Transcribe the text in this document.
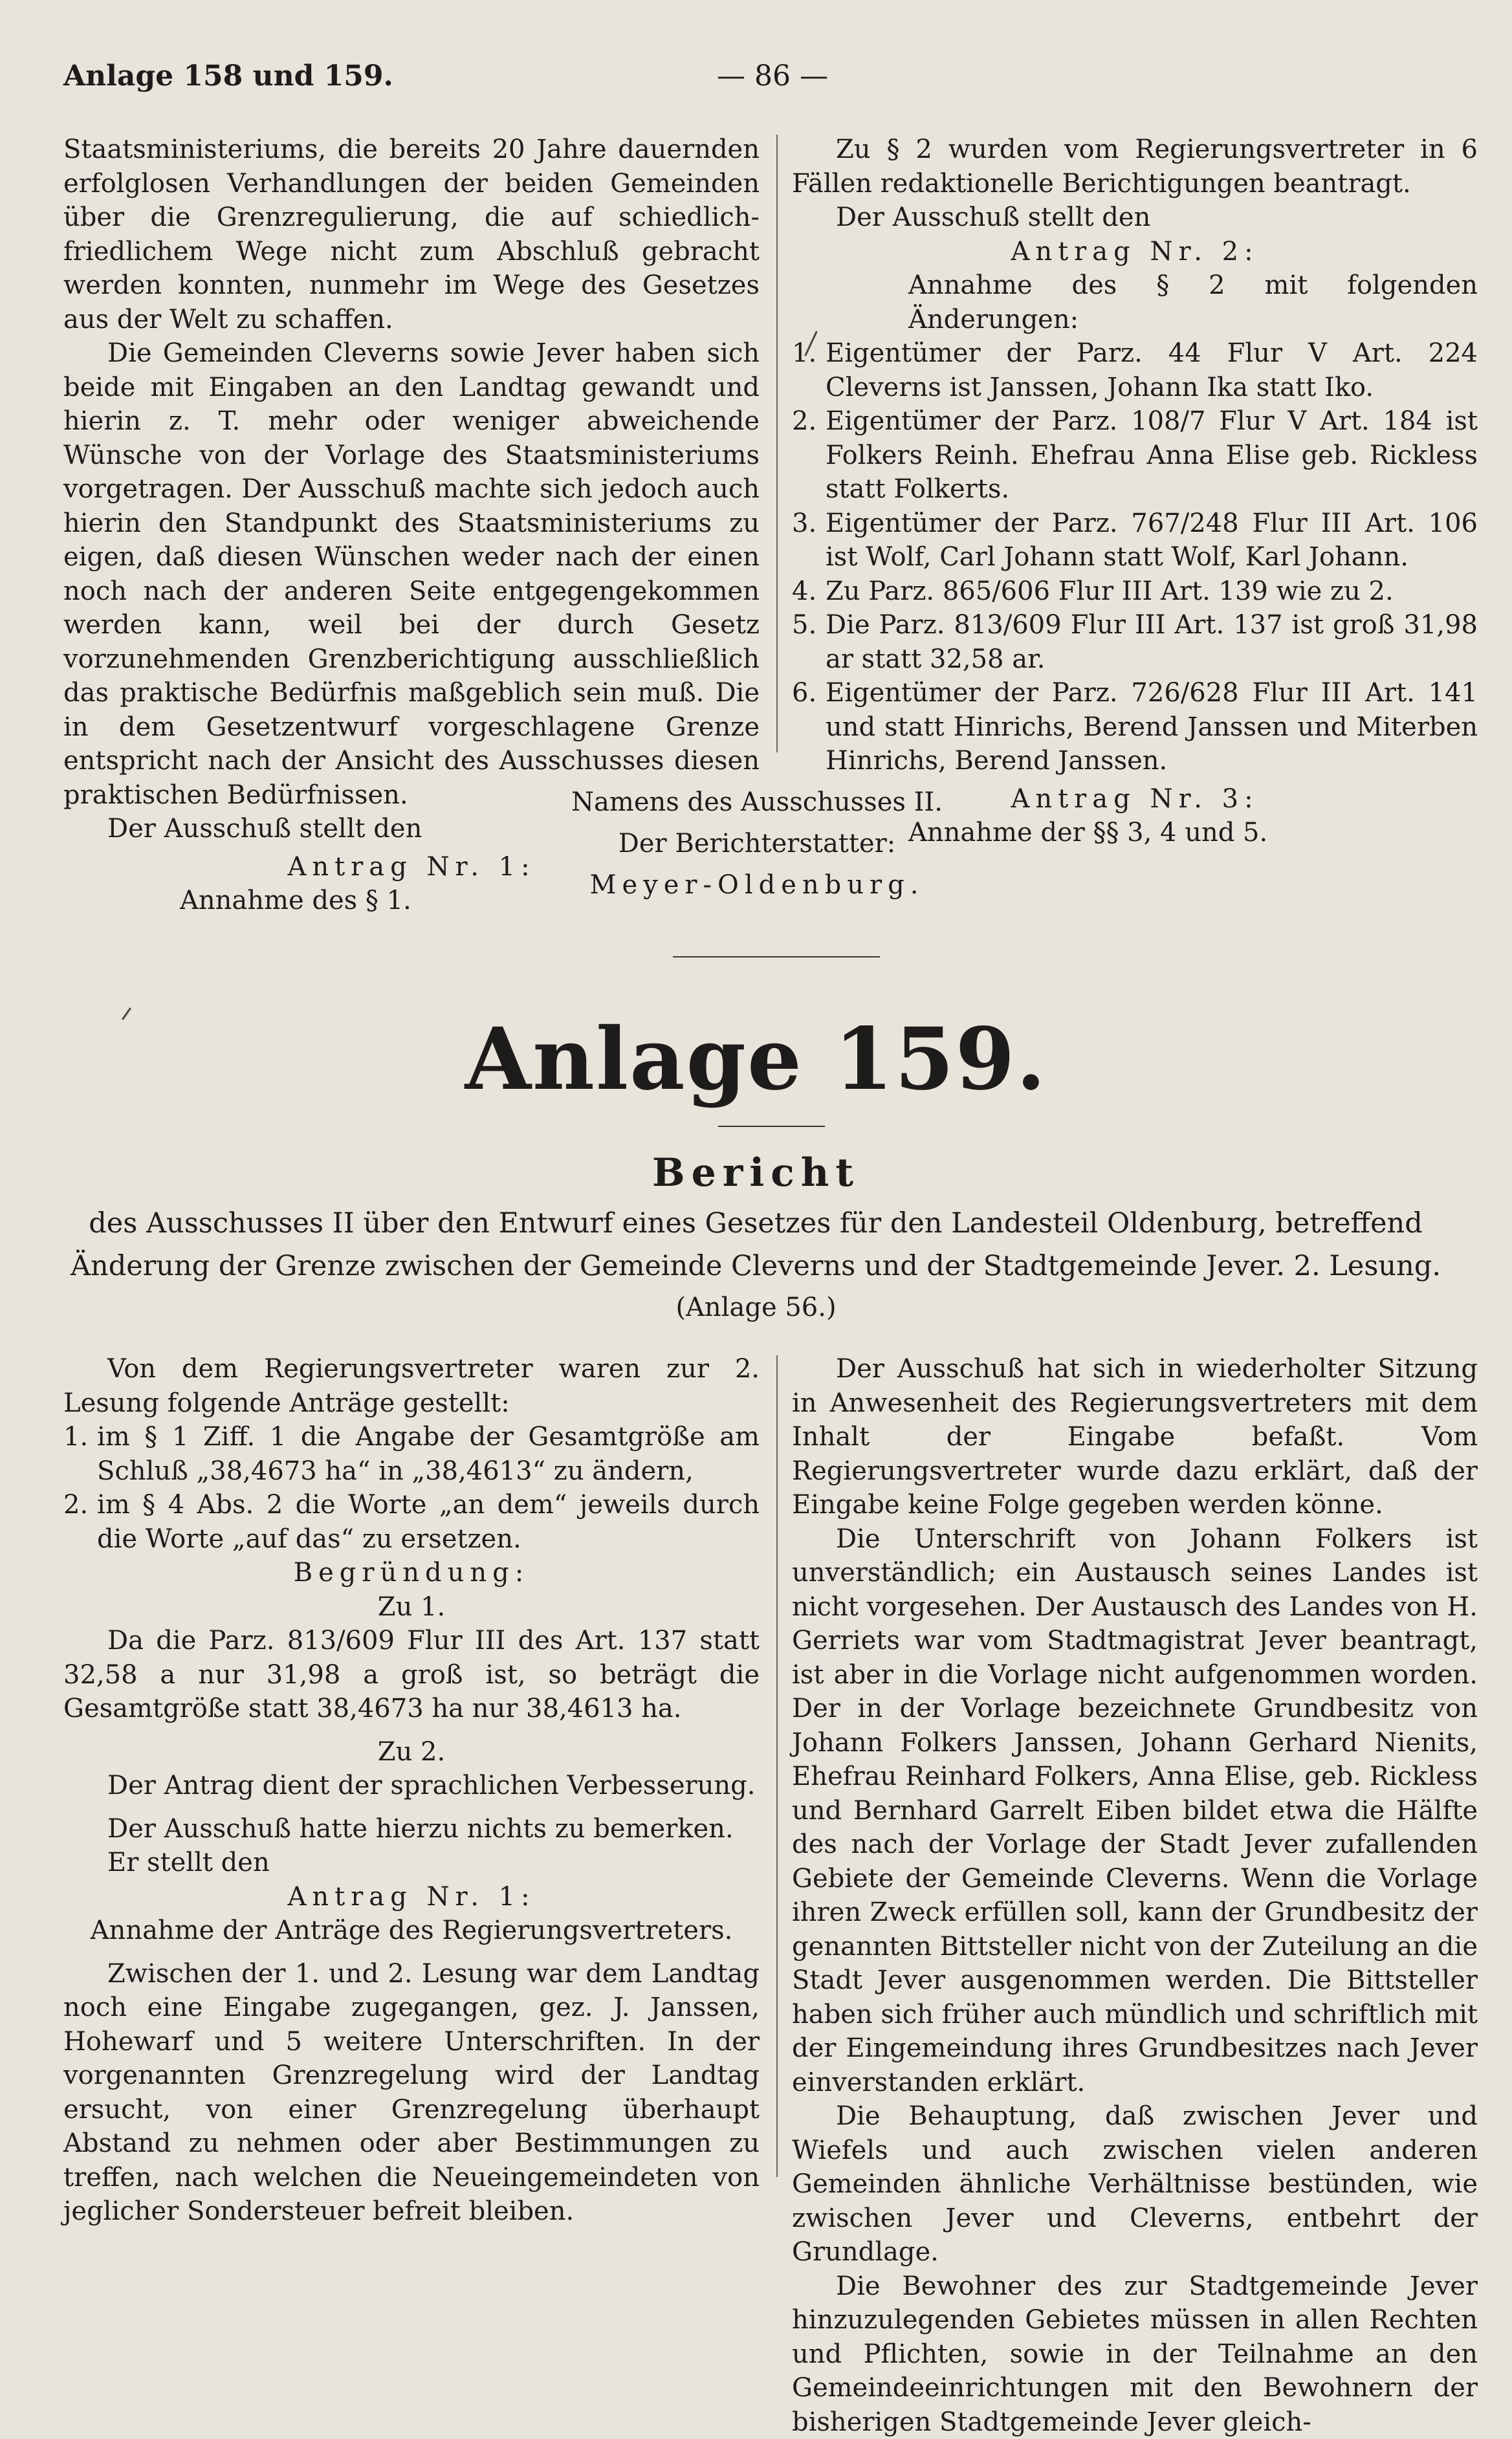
Anlage 158 und 159.	— 86 —

Staatsministeriums, die bereits 20 Jahre dauernden erfolglosen Verhandlungen der beiden Gemeinden über die Grenzregulierung, die auf schiedlich-friedlichem Wege nicht zum Abschluß gebracht werden konnten, nunmehr im Wege des Gesetzes aus der Welt zu schaffen.

Die Gemeinden Cleverns sowie Jever haben sich beide mit Eingaben an den Landtag gewandt und hierin z. T. mehr oder weniger abweichende Wünsche von der Vorlage des Staatsministeriums vorgetragen. Der Ausschuß machte sich jedoch auch hierin den Standpunkt des Staatsministeriums zu eigen, daß diesen Wünschen weder nach der einen noch nach der anderen Seite entgegengekommen werden kann, weil bei der durch Gesetz vorzunehmenden Grenzberichtigung ausschließlich das praktische Bedürfnis maßgeblich sein muß. Die in dem Gesetzentwurf vorgeschlagene Grenze entspricht nach der Ansicht des Ausschusses diesen praktischen Bedürfnissen.

Der Ausschuß stellt den

Antrag Nr. 1:

Annahme des § 1.

Zu § 2 wurden vom Regierungsvertreter in 6 Fällen redaktionelle Berichtigungen beantragt.

Der Ausschuß stellt den

Antrag Nr. 2:

Annahme des § 2 mit folgenden Änderungen:

1. Eigentümer der Parz. 44 Flur V Art. 224 Cleverns ist Janssen, Johann Ika statt Iko.
2. Eigentümer der Parz. 108/7 Flur V Art. 184 ist Folkers Reinh. Ehefrau Anna Elise geb. Rickless statt Folkerts.
3. Eigentümer der Parz. 767/248 Flur III Art. 106 ist Wolf, Carl Johann statt Wolf, Karl Johann.
4. Zu Parz. 865/606 Flur III Art. 139 wie zu 2.
5. Die Parz. 813/609 Flur III Art. 137 ist groß 31,98 ar statt 32,58 ar.
6. Eigentümer der Parz. 726/628 Flur III Art. 141 und statt Hinrichs, Berend Janssen und Miterben Hinrichs, Berend Janssen.

Antrag Nr. 3:

Annahme der §§ 3, 4 und 5.

Namens des Ausschusses II.
Der Berichterstatter:
Meyer-Oldenburg.
Anlage 159.
Bericht
des Ausschusses II über den Entwurf eines Gesetzes für den Landesteil Oldenburg, betreffend Änderung der Grenze zwischen der Gemeinde Cleverns und der Stadtgemeinde Jever. 2. Lesung.
(Anlage 56.)

Von dem Regierungsvertreter waren zur 2. Lesung folgende Anträge gestellt:

1. im § 1 Ziff. 1 die Angabe der Gesamtgröße am Schluß „38,4673 ha“ in „38,4613“ zu ändern,
2. im § 4 Abs. 2 die Worte „an dem“ jeweils durch die Worte „auf das“ zu ersetzen.

Begründung:

Zu 1.

Da die Parz. 813/609 Flur III des Art. 137 statt 32,58 a nur 31,98 a groß ist, so beträgt die Gesamtgröße statt 38,4673 ha nur 38,4613 ha.

Zu 2.

Der Antrag dient der sprachlichen Verbesserung.

Der Ausschuß hatte hierzu nichts zu bemerken.

Er stellt den

Antrag Nr. 1:

Annahme der Anträge des Regierungsvertreters.

Zwischen der 1. und 2. Lesung war dem Landtag noch eine Eingabe zugegangen, gez. J. Janssen, Hohewarf und 5 weitere Unterschriften. In der vorgenannten Grenzregelung wird der Landtag ersucht, von einer Grenzregelung überhaupt Abstand zu nehmen oder aber Bestimmungen zu treffen, nach welchen die Neueingemeindeten von jeglicher Sondersteuer befreit bleiben.

Der Ausschuß hat sich in wiederholter Sitzung in Anwesenheit des Regierungsvertreters mit dem Inhalt der Eingabe befaßt. Vom Regierungsvertreter wurde dazu erklärt, daß der Eingabe keine Folge gegeben werden könne.

Die Unterschrift von Johann Folkers ist unverständlich; ein Austausch seines Landes ist nicht vorgesehen. Der Austausch des Landes von H. Gerriets war vom Stadtmagistrat Jever beantragt, ist aber in die Vorlage nicht aufgenommen worden. Der in der Vorlage bezeichnete Grundbesitz von Johann Folkers Janssen, Johann Gerhard Nienits, Ehefrau Reinhard Folkers, Anna Elise, geb. Rickless und Bernhard Garrelt Eiben bildet etwa die Hälfte des nach der Vorlage der Stadt Jever zufallenden Gebiete der Gemeinde Cleverns. Wenn die Vorlage ihren Zweck erfüllen soll, kann der Grundbesitz der genannten Bittsteller nicht von der Zuteilung an die Stadt Jever ausgenommen werden. Die Bittsteller haben sich früher auch mündlich und schriftlich mit der Eingemeindung ihres Grundbesitzes nach Jever einverstanden erklärt.

Die Behauptung, daß zwischen Jever und Wiefels und auch zwischen vielen anderen Gemeinden ähnliche Verhältnisse bestünden, wie zwischen Jever und Cleverns, entbehrt der Grundlage.

Die Bewohner des zur Stadtgemeinde Jever hinzuzulegenden Gebietes müssen in allen Rechten und Pflichten, sowie in der Teilnahme an den Gemeindeeinrichtungen mit den Bewohnern der bisherigen Stadtgemeinde Jever gleich-
